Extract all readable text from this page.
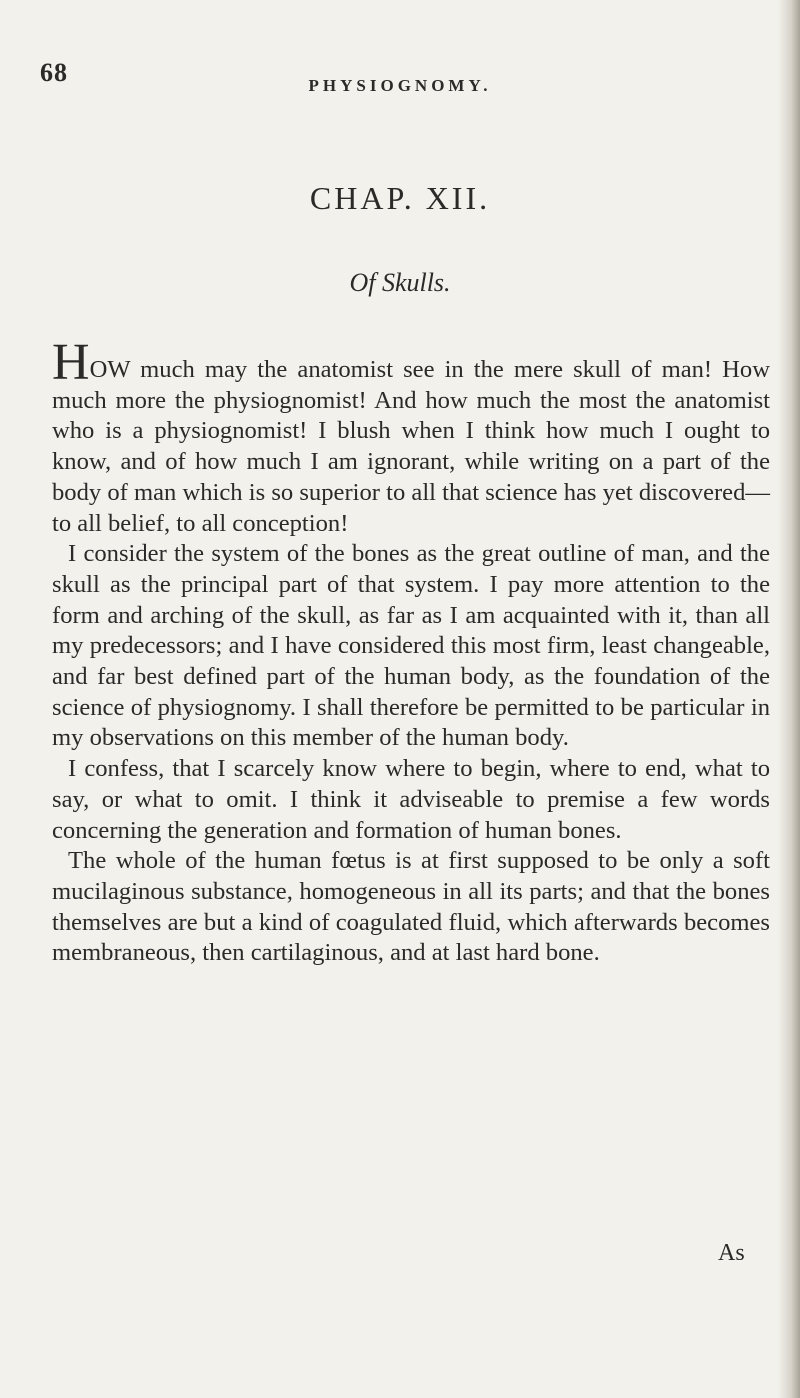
68	PHYSIOGNOMY.
CHAP. XII.
Of Skulls.

HOW much may the anatomist see in the mere skull of man! How much more the physiognomist! And how much the most the anatomist who is a physiognomist! I blush when I think how much I ought to know, and of how much I am ignorant, while writing on a part of the body of man which is so superior to all that science has yet discovered—to all belief, to all conception!

I consider the system of the bones as the great outline of man, and the skull as the principal part of that system. I pay more attention to the form and arching of the skull, as far as I am acquainted with it, than all my predecessors; and I have considered this most firm, least changeable, and far best defined part of the human body, as the foundation of the science of physiognomy. I shall therefore be permitted to be particular in my observations on this member of the human body.

I confess, that I scarcely know where to begin, where to end, what to say, or what to omit. I think it adviseable to premise a few words concerning the generation and formation of human bones.

The whole of the human fœtus is at first supposed to be only a soft mucilaginous substance, homogeneous in all its parts; and that the bones themselves are but a kind of coagulated fluid, which afterwards becomes membraneous, then cartilaginous, and at last hard bone.

As
